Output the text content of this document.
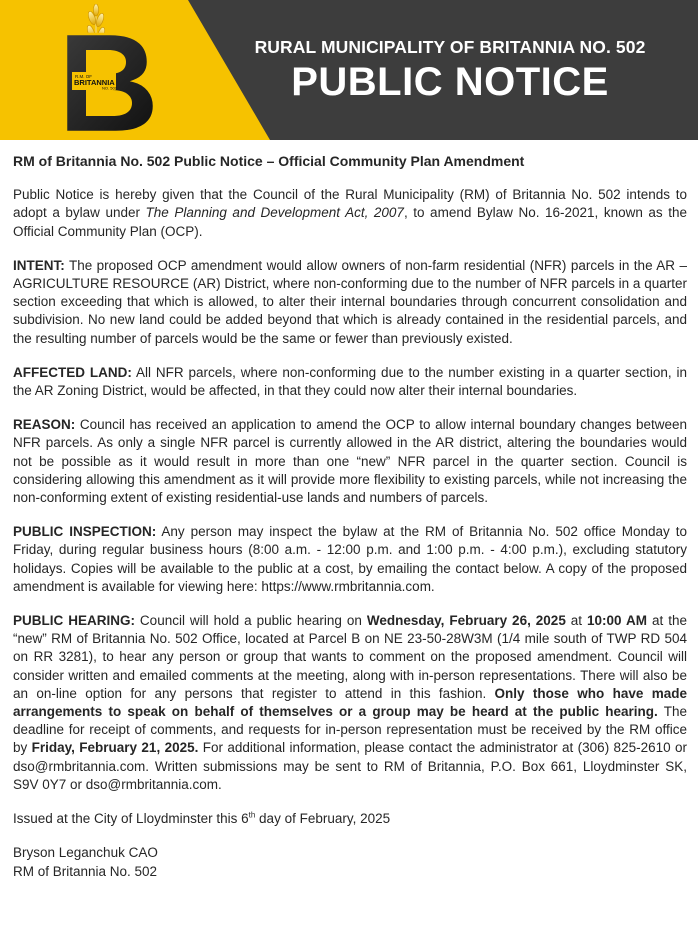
R.M. OF
BRITANNIA
NO. 502
RURAL MUNICIPALITY OF BRITANNIA NO. 502
PUBLIC NOTICE
RM of Britannia No. 502 Public Notice – Official Community Plan Amendment

Public Notice is hereby given that the Council of the Rural Municipality (RM) of Britannia No. 502 intends to adopt a bylaw under The Planning and Development Act, 2007, to amend Bylaw No. 16-2021, known as the Official Community Plan (OCP).

INTENT: The proposed OCP amendment would allow owners of non-farm residential (NFR) parcels in the AR – AGRICULTURE RESOURCE (AR) District, where non-conforming due to the number of NFR parcels in a quarter section exceeding that which is allowed, to alter their internal boundaries through concurrent consolidation and subdivision. No new land could be added beyond that which is already contained in the residential parcels, and the resulting number of parcels would be the same or fewer than previously existed.

AFFECTED LAND: All NFR parcels, where non-conforming due to the number existing in a quarter section, in the AR Zoning District, would be affected, in that they could now alter their internal boundaries.

REASON: Council has received an application to amend the OCP to allow internal boundary changes between NFR parcels. As only a single NFR parcel is currently allowed in the AR district, altering the boundaries would not be possible as it would result in more than one “new” NFR parcel in the quarter section. Council is considering allowing this amendment as it will provide more flexibility to existing parcels, while not increasing the non-conforming extent of existing residential-use lands and numbers of parcels.

PUBLIC INSPECTION: Any person may inspect the bylaw at the RM of Britannia No. 502 office Monday to Friday, during regular business hours (8:00 a.m. - 12:00 p.m. and 1:00 p.m. - 4:00 p.m.), excluding statutory holidays. Copies will be available to the public at a cost, by emailing the contact below. A copy of the proposed amendment is available for viewing here: https://www.rmbritannia.com.

PUBLIC HEARING: Council will hold a public hearing on Wednesday, February 26, 2025 at 10:00 AM at the “new” RM of Britannia No. 502 Office, located at Parcel B on NE 23-50-28W3M (1/4 mile south of TWP RD 504 on RR 3281), to hear any person or group that wants to comment on the proposed amendment. Council will consider written and emailed comments at the meeting, along with in-person representations. There will also be an on-line option for any persons that register to attend in this fashion. Only those who have made arrangements to speak on behalf of themselves or a group may be heard at the public hearing. The deadline for receipt of comments, and requests for in-person representation must be received by the RM office by Friday, February 21, 2025. For additional information, please contact the administrator at (306) 825-2610 or dso@rmbritannia.com. Written submissions may be sent to RM of Britannia, P.O. Box 661, Lloydminster SK, S9V 0Y7 or dso@rmbritannia.com.

Issued at the City of Lloydminster this 6th day of February, 2025

Bryson Leganchuk CAO
RM of Britannia No. 502
